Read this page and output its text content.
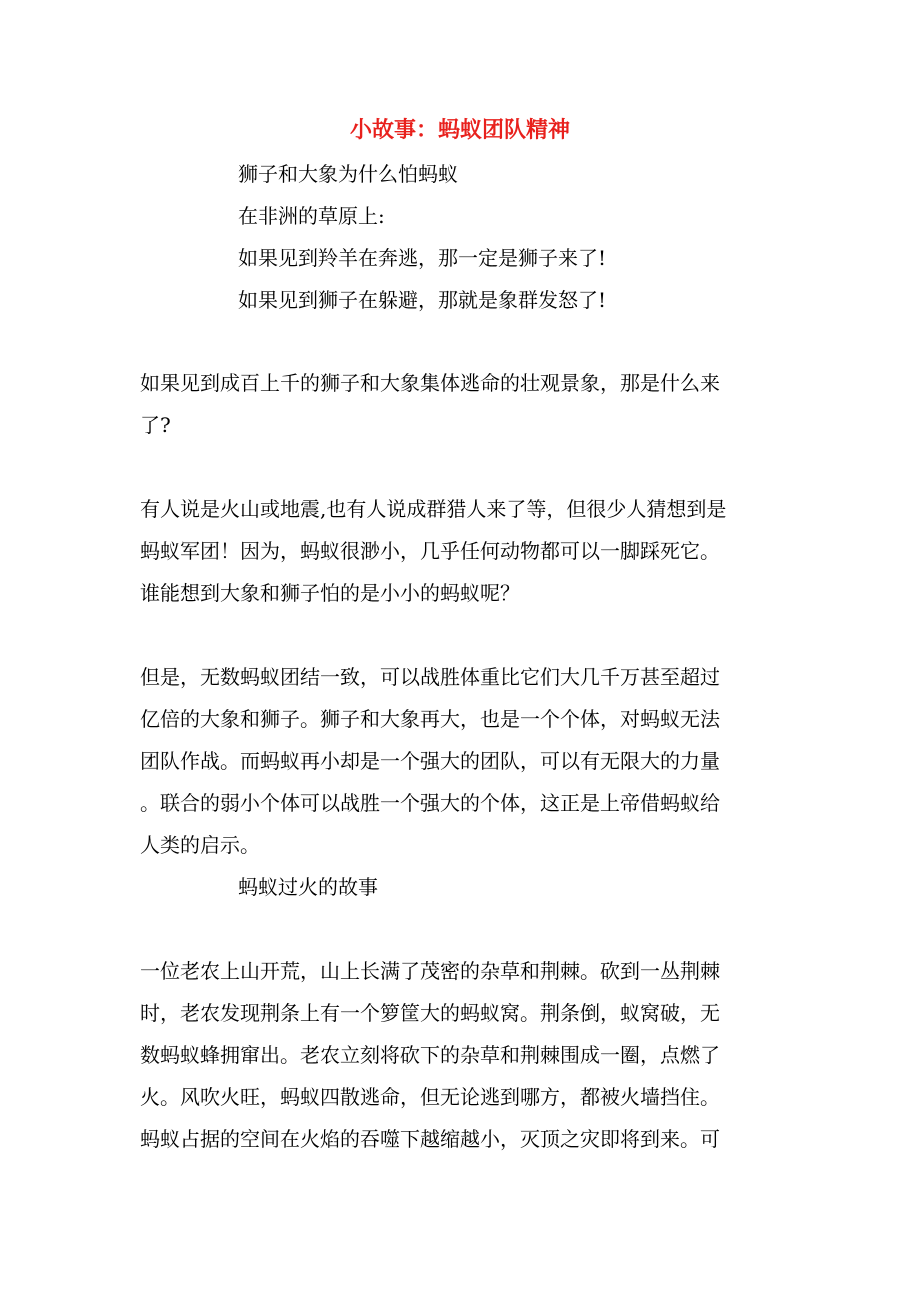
小故事：蚂蚁团队精神

狮子和大象为什么怕蚂蚁

在非洲的草原上:

如果见到羚羊在奔逃，那一定是狮子来了!

如果见到狮子在躲避，那就是象群发怒了!

如果见到成百上千的狮子和大象集体逃命的壮观景象，那是什么来

了?

有人说是火山或地震,也有人说成群猎人来了等，但很少人猜想到是

蚂蚁军团！因为，蚂蚁很渺小，几乎任何动物都可以一脚踩死它。

谁能想到大象和狮子怕的是小小的蚂蚁呢？

但是，无数蚂蚁团结一致，可以战胜体重比它们大几千万甚至超过

亿倍的大象和狮子。狮子和大象再大，也是一个个体，对蚂蚁无法

团队作战。而蚂蚁再小却是一个强大的团队，可以有无限大的力量

。联合的弱小个体可以战胜一个强大的个体，这正是上帝借蚂蚁给

人类的启示。

蚂蚁过火的故事

一位老农上山开荒，山上长满了茂密的杂草和荆棘。砍到一丛荆棘

时，老农发现荆条上有一个箩筐大的蚂蚁窝。荆条倒，蚁窝破，无

数蚂蚁蜂拥窜出。老农立刻将砍下的杂草和荆棘围成一圈，点燃了

火。风吹火旺，蚂蚁四散逃命，但无论逃到哪方，都被火墙挡住。

蚂蚁占据的空间在火焰的吞噬下越缩越小，灭顶之灾即将到来。可
